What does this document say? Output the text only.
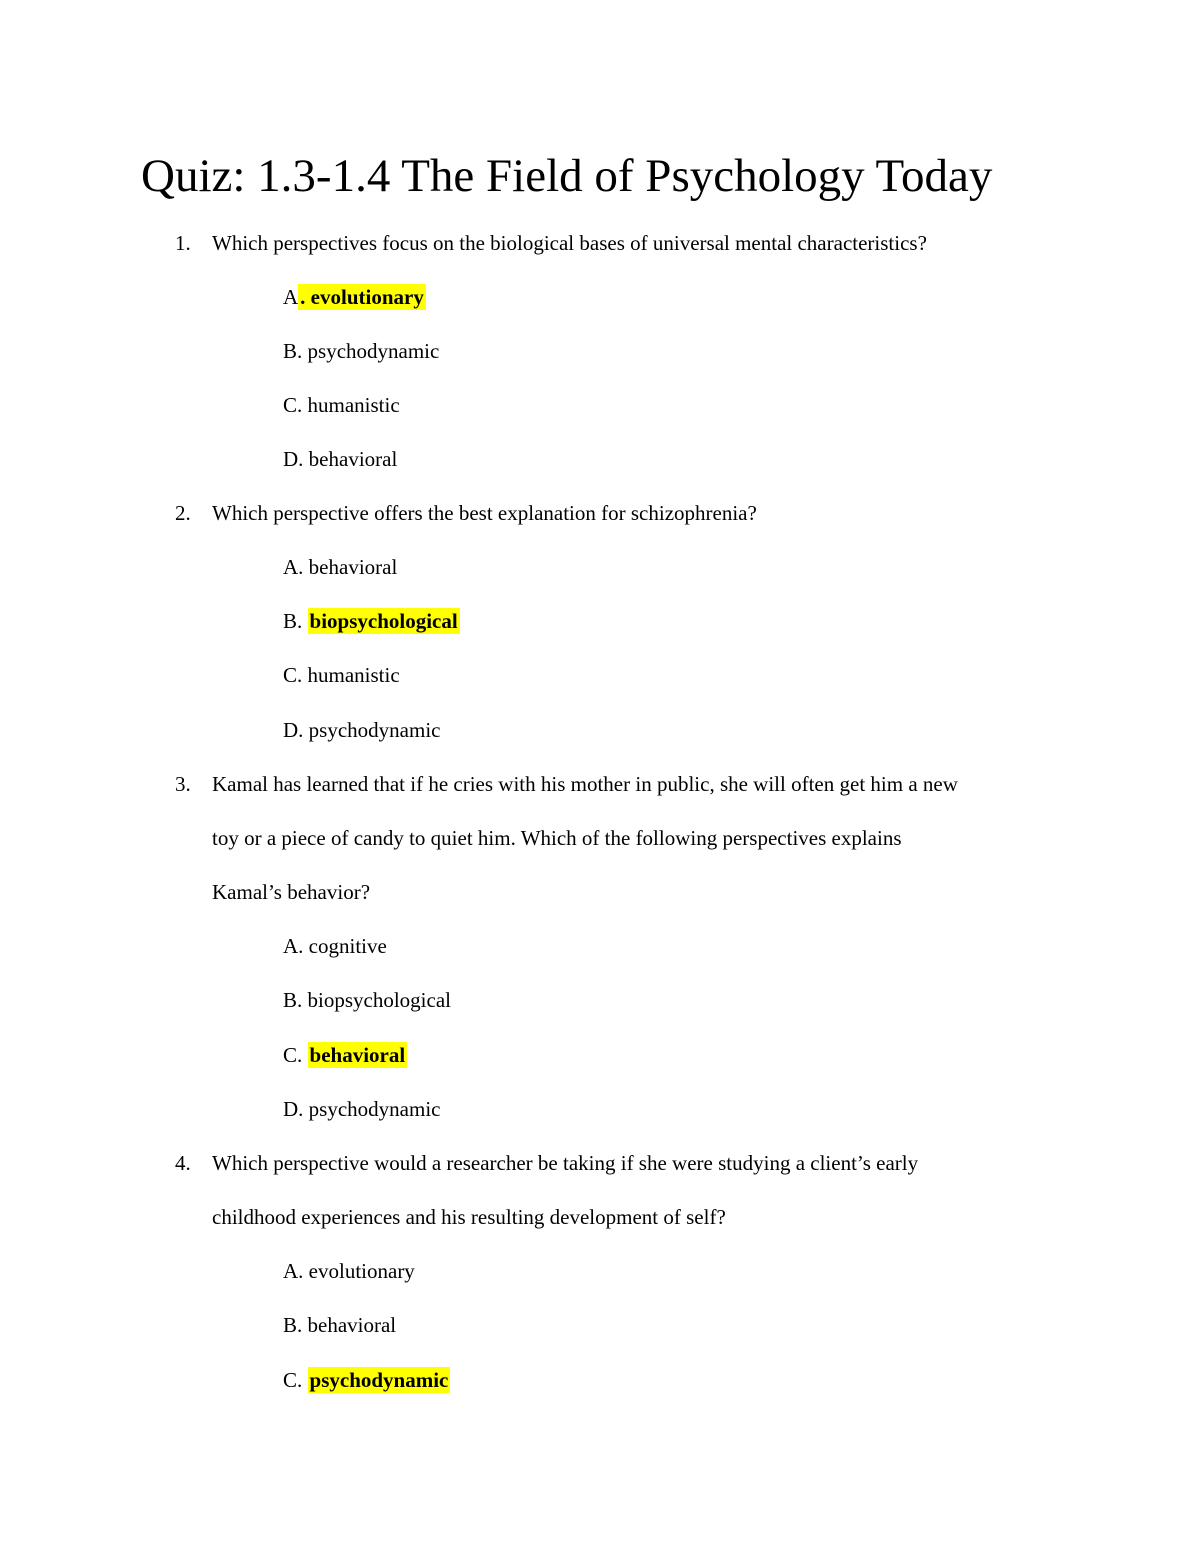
Quiz: 1.3-1.4 The Field of Psychology Today
1. Which perspectives focus on the biological bases of universal mental characteristics?
A. evolutionary
B. psychodynamic
C. humanistic
D. behavioral
2. Which perspective offers the best explanation for schizophrenia?
A. behavioral
B. biopsychological
C. humanistic
D. psychodynamic
3. Kamal has learned that if he cries with his mother in public, she will often get him a new
toy or a piece of candy to quiet him. Which of the following perspectives explains
Kamal’s behavior?
A. cognitive
B. biopsychological
C. behavioral
D. psychodynamic
4. Which perspective would a researcher be taking if she were studying a client’s early
childhood experiences and his resulting development of self?
A. evolutionary
B. behavioral
C. psychodynamic
